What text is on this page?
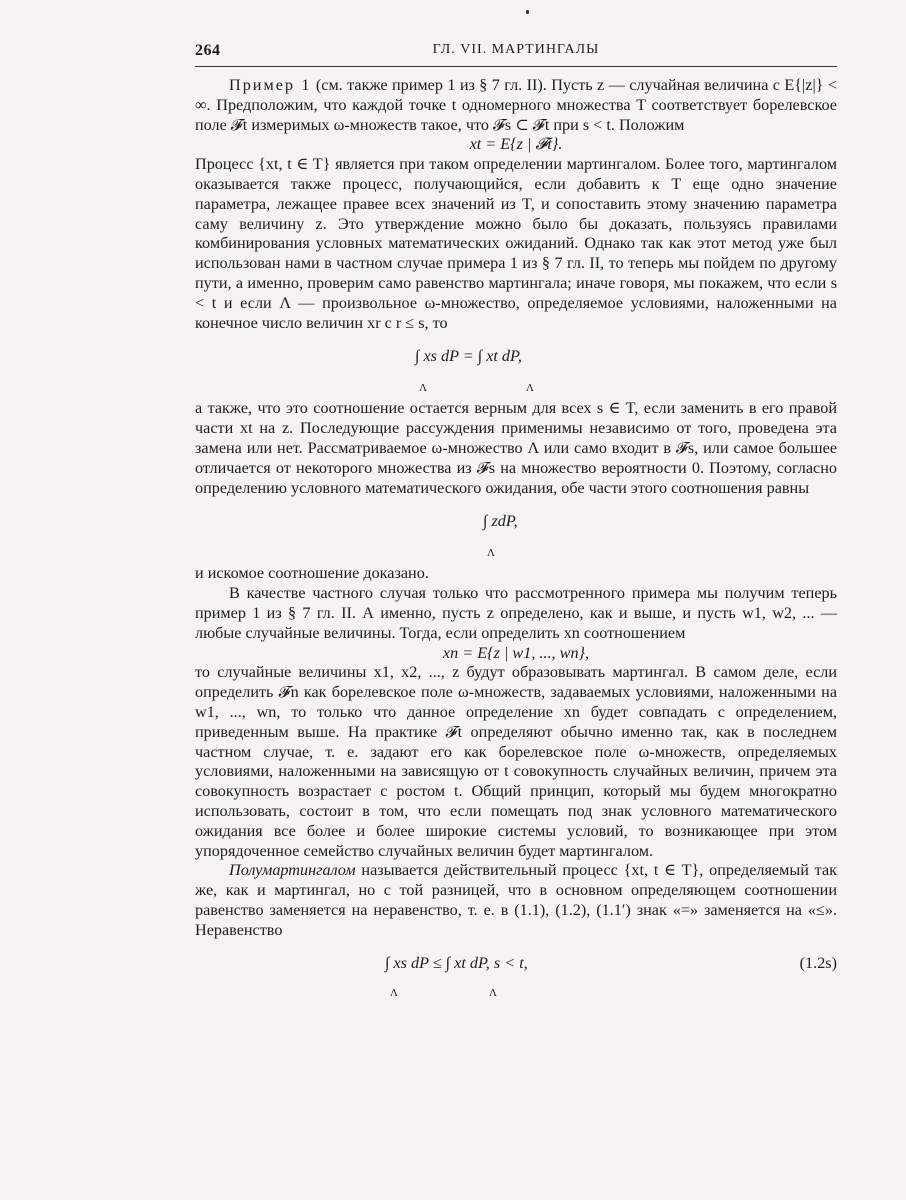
264	ГЛ. VII. МАРТИНГАЛЫ

Пример 1 (см. также пример 1 из § 7 гл. II). Пусть z — случайная величина с E{|z|} < ∞. Предположим, что каждой точке t одномерного множества T соответствует борелевское поле 𝓕t измеримых ω-множеств такое, что 𝓕s ⊂ 𝓕t при s < t. Положим

xt = E{z | 𝓕t}.

Процесс {xt, t ∈ T} является при таком определении мартингалом. Более того, мартингалом оказывается также процесс, получающийся, если добавить к T еще одно значение параметра, лежащее правее всех значений из T, и сопоставить этому значению параметра саму величину z. Это утверждение можно было бы доказать, пользуясь правилами комбинирования условных математических ожиданий. Однако так как этот метод уже был использован нами в частном случае примера 1 из § 7 гл. II, то теперь мы пойдем по другому пути, а именно, проверим само равенство мартингала; иначе говоря, мы покажем, что если s < t и если Λ — произвольное ω-множество, определяемое условиями, наложенными на конечное число величин xr с r ≤ s, то

∫ xs dP = ∫ xt dP,
Λ	Λ

а также, что это соотношение остается верным для всех s ∈ T, если заменить в его правой части xt на z. Последующие рассуждения применимы независимо от того, проведена эта замена или нет. Рассматриваемое ω-множество Λ или само входит в 𝓕s, или самое большее отличается от некоторого множества из 𝓕s на множество вероятности 0. Поэтому, согласно определению условного математического ожидания, обе части этого соотношения равны

∫ zdP,
Λ

и искомое соотношение доказано.

В качестве частного случая только что рассмотренного примера мы получим теперь пример 1 из § 7 гл. II. А именно, пусть z определено, как и выше, и пусть w1, w2, ... — любые случайные величины. Тогда, если определить xn соотношением

xn = E{z | w1, ..., wn},

то случайные величины x1, x2, ..., z будут образовывать мартингал. В самом деле, если определить 𝓕n как борелевское поле ω-множеств, задаваемых условиями, наложенными на w1, ..., wn, то только что данное определение xn будет совпадать с определением, приведенным выше. На практике 𝓕t определяют обычно именно так, как в последнем частном случае, т. е. задают его как борелевское поле ω-множеств, определяемых условиями, наложенными на зависящую от t совокупность случайных величин, причем эта совокупность возрастает с ростом t. Общий принцип, который мы будем многократно использовать, состоит в том, что если помещать под знак условного математического ожидания все более и более широкие системы условий, то возникающее при этом упорядоченное семейство случайных величин будет мартингалом.

Полумартингалом называется действительный процесс {xt, t ∈ T}, определяемый так же, как и мартингал, но с той разницей, что в основном определяющем соотношении равенство заменяется на неравенство, т. е. в (1.1), (1.2), (1.1′) знак «=» заменяется на «≤». Неравенство

∫ xs dP ≤ ∫ xt dP, s < t,	(1.2s)
Λ	Λ
